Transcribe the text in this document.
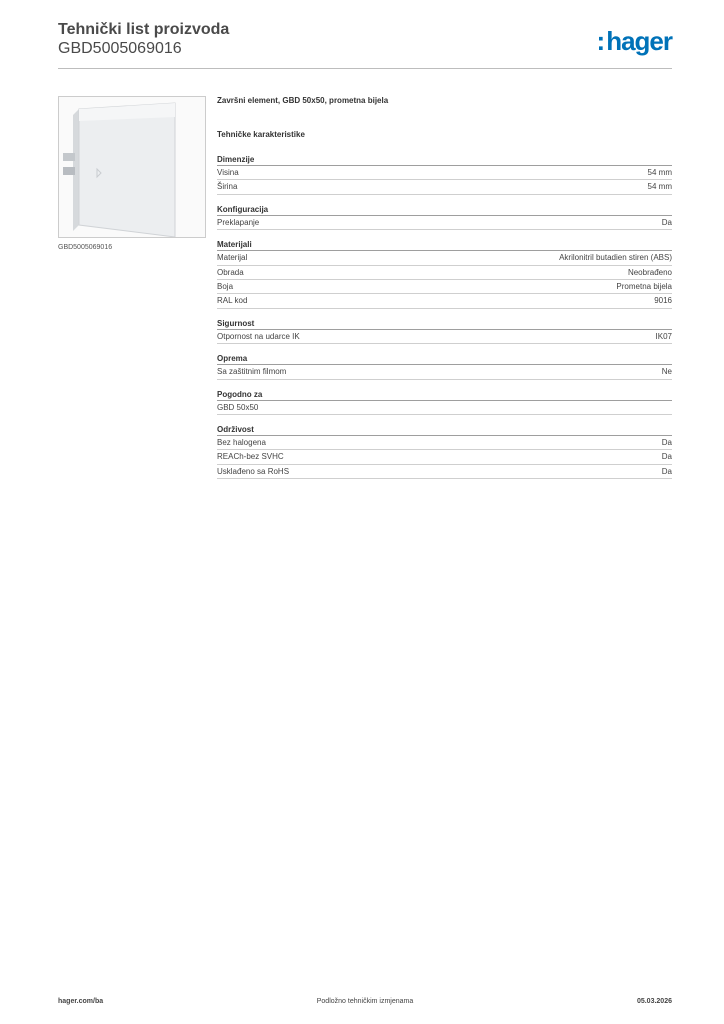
Tehnički list proizvoda
GBD5005069016	:hager
GBD5005069016
Završni element, GBD 50x50, prometna bijela
Tehničke karakteristike
Dimenzije
Visina	54 mm
Širina	54 mm
Konfiguracija
Preklapanje	Da
Materijali
Materijal	Akrilonitril butadien stiren (ABS)
Obrada	Neobrađeno
Boja	Prometna bijela
RAL kod	9016
Sigurnost
Otpornost na udarce IK	IK07
Oprema
Sa zaštitnim filmom	Ne
Pogodno za
GBD 50x50
Održivost
Bez halogena	Da
REACh-bez SVHC	Da
Usklađeno sa RoHS	Da
hager.com/ba	Podložno tehničkim izmjenama	05.03.2026
